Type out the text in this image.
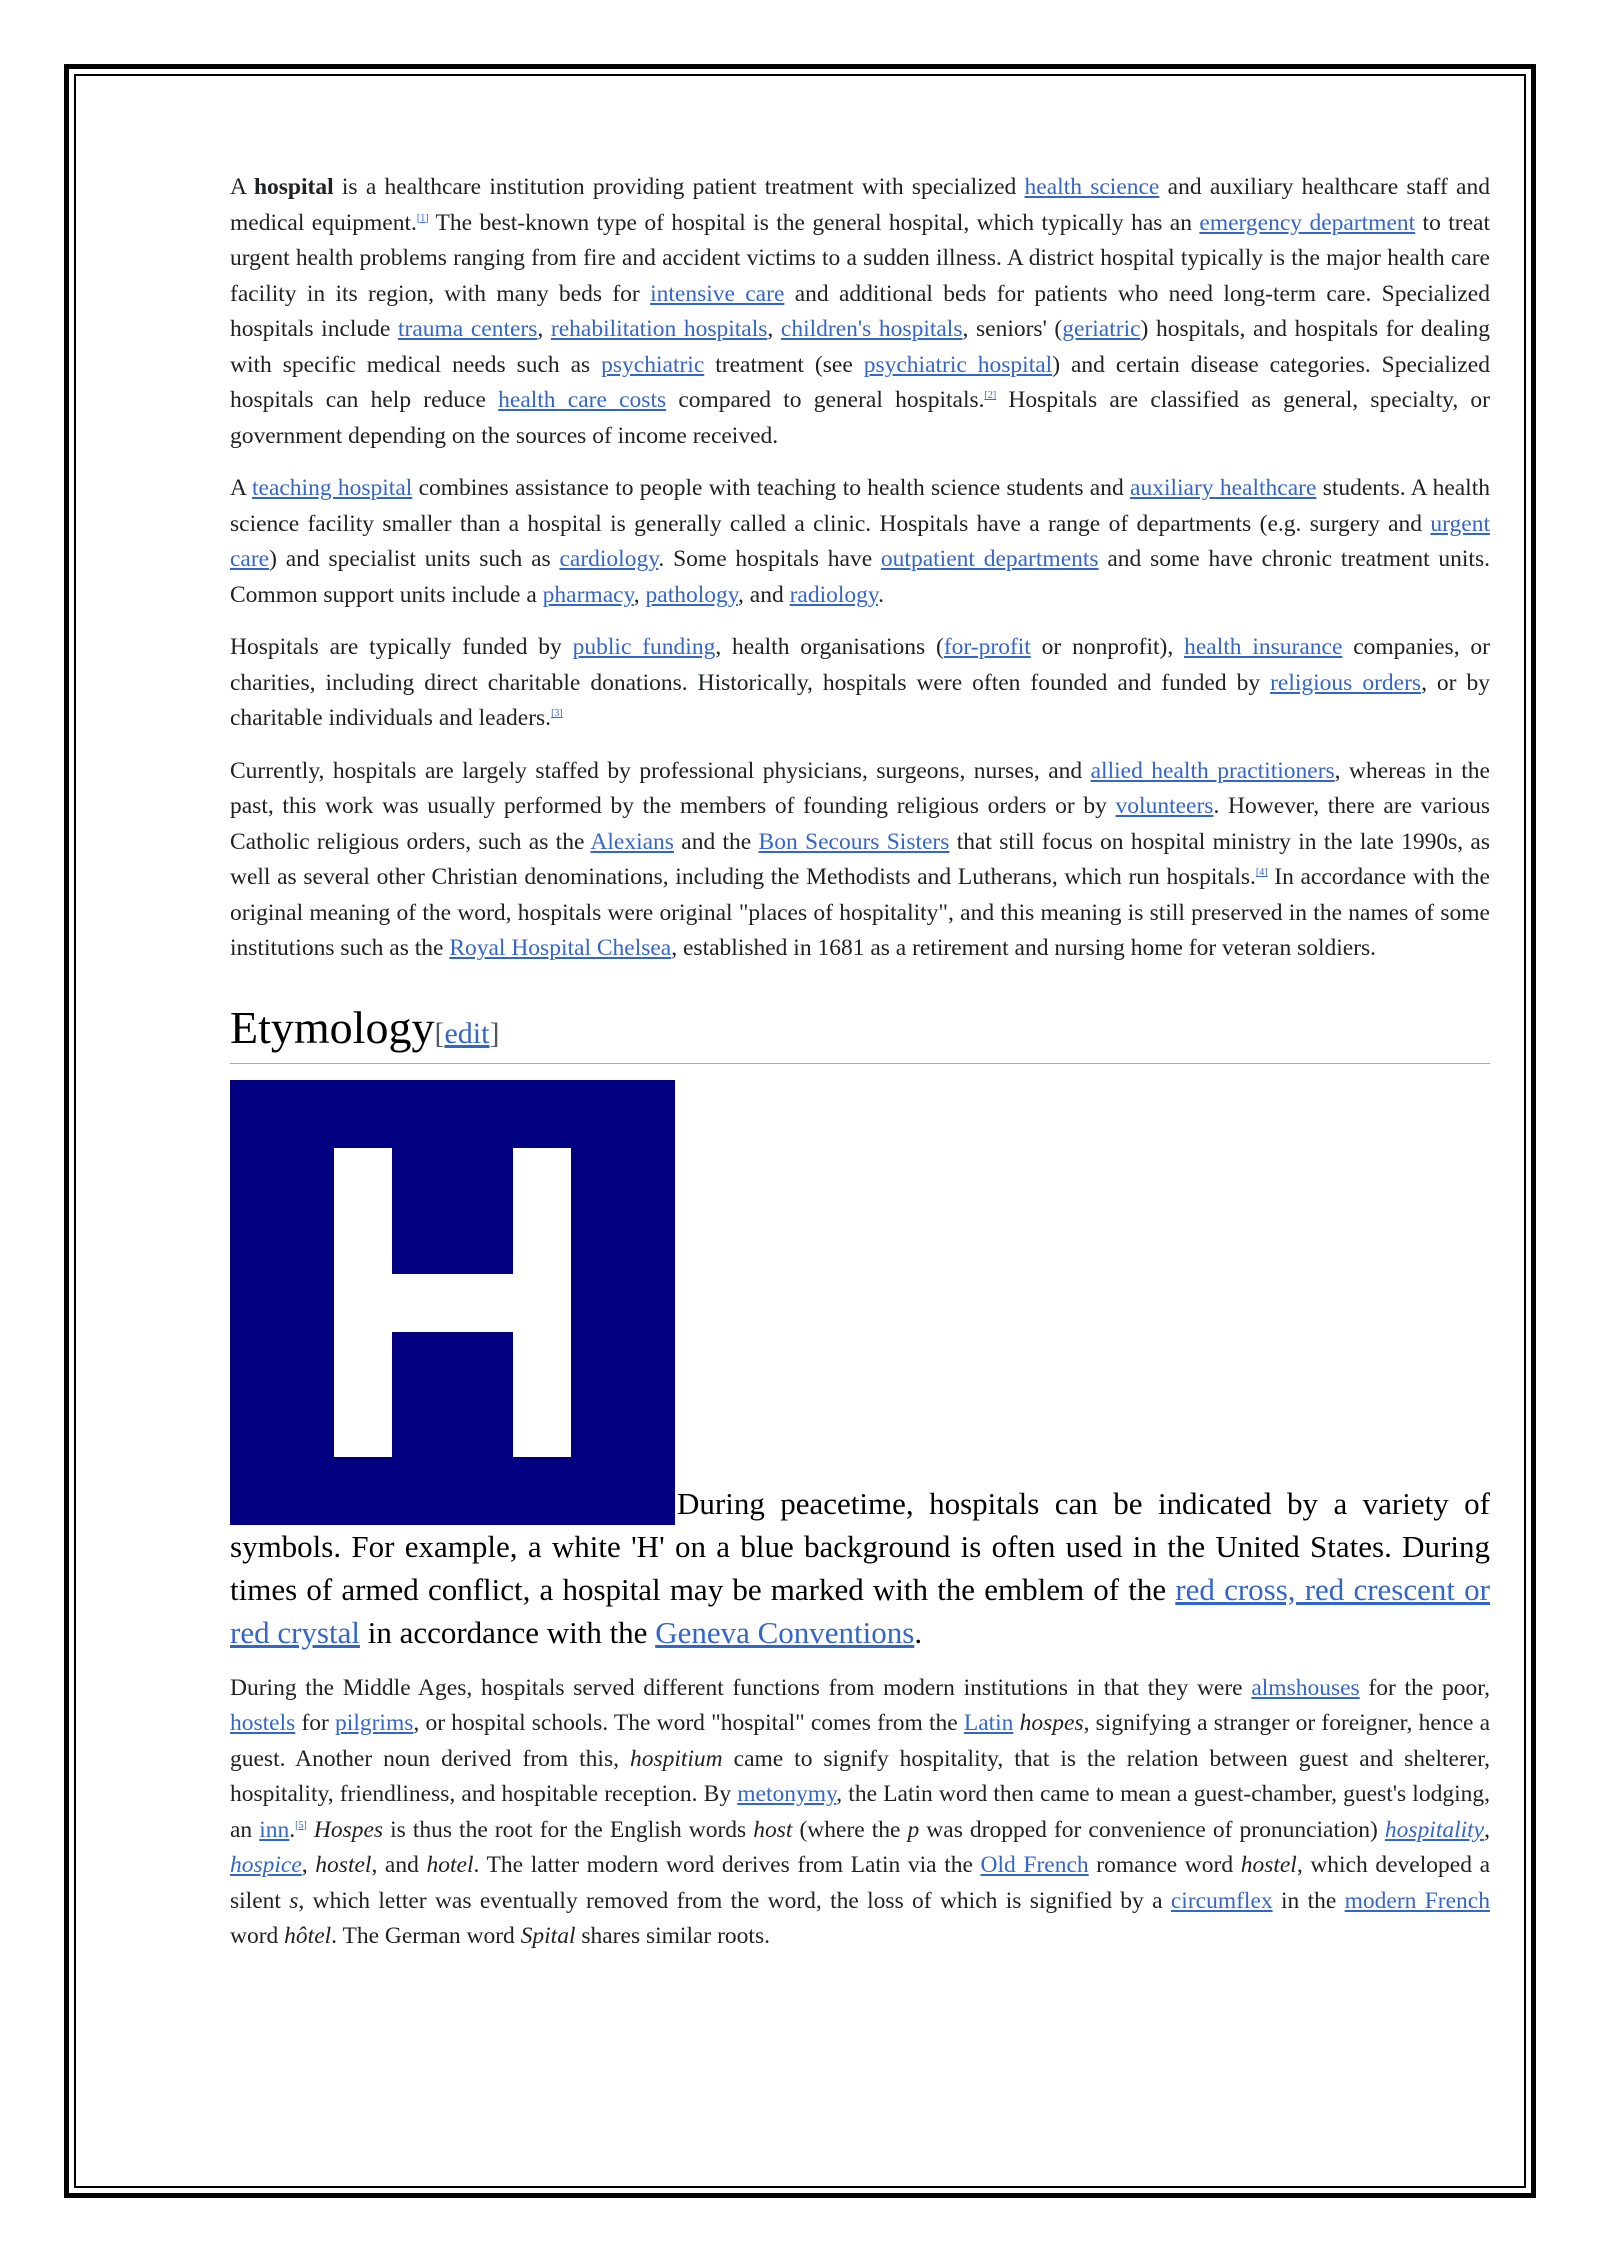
A hospital is a healthcare institution providing patient treatment with specialized health science and auxiliary healthcare staff and medical equipment.[1] The best-known type of hospital is the general hospital, which typically has an emergency department to treat urgent health problems ranging from fire and accident victims to a sudden illness. A district hospital typically is the major health care facility in its region, with many beds for intensive care and additional beds for patients who need long-term care. Specialized hospitals include trauma centers, rehabilitation hospitals, children's hospitals, seniors' (geriatric) hospitals, and hospitals for dealing with specific medical needs such as psychiatric treatment (see psychiatric hospital) and certain disease categories. Specialized hospitals can help reduce health care costs compared to general hospitals.[2] Hospitals are classified as general, specialty, or government depending on the sources of income received.

A teaching hospital combines assistance to people with teaching to health science students and auxiliary healthcare students. A health science facility smaller than a hospital is generally called a clinic. Hospitals have a range of departments (e.g. surgery and urgent care) and specialist units such as cardiology. Some hospitals have outpatient departments and some have chronic treatment units. Common support units include a pharmacy, pathology, and radiology.

Hospitals are typically funded by public funding, health organisations (for-profit or nonprofit), health insurance companies, or charities, including direct charitable donations. Historically, hospitals were often founded and funded by religious orders, or by charitable individuals and leaders.[3]

Currently, hospitals are largely staffed by professional physicians, surgeons, nurses, and allied health practitioners, whereas in the past, this work was usually performed by the members of founding religious orders or by volunteers. However, there are various Catholic religious orders, such as the Alexians and the Bon Secours Sisters that still focus on hospital ministry in the late 1990s, as well as several other Christian denominations, including the Methodists and Lutherans, which run hospitals.[4] In accordance with the original meaning of the word, hospitals were original "places of hospitality", and this meaning is still preserved in the names of some institutions such as the Royal Hospital Chelsea, established in 1681 as a retirement and nursing home for veteran soldiers.

Etymology[edit]
During peacetime, hospitals can be indicated by a variety of symbols. For example, a white 'H' on a blue background is often used in the United States. During times of armed conflict, a hospital may be marked with the emblem of the red cross, red crescent or red crystal in accordance with the Geneva Conventions.

During the Middle Ages, hospitals served different functions from modern institutions in that they were almshouses for the poor, hostels for pilgrims, or hospital schools. The word "hospital" comes from the Latin hospes, signifying a stranger or foreigner, hence a guest. Another noun derived from this, hospitium came to signify hospitality, that is the relation between guest and shelterer, hospitality, friendliness, and hospitable reception. By metonymy, the Latin word then came to mean a guest-chamber, guest's lodging, an inn.[5] Hospes is thus the root for the English words host (where the p was dropped for convenience of pronunciation) hospitality, hospice, hostel, and hotel. The latter modern word derives from Latin via the Old French romance word hostel, which developed a silent s, which letter was eventually removed from the word, the loss of which is signified by a circumflex in the modern French word hôtel. The German word Spital shares similar roots.
